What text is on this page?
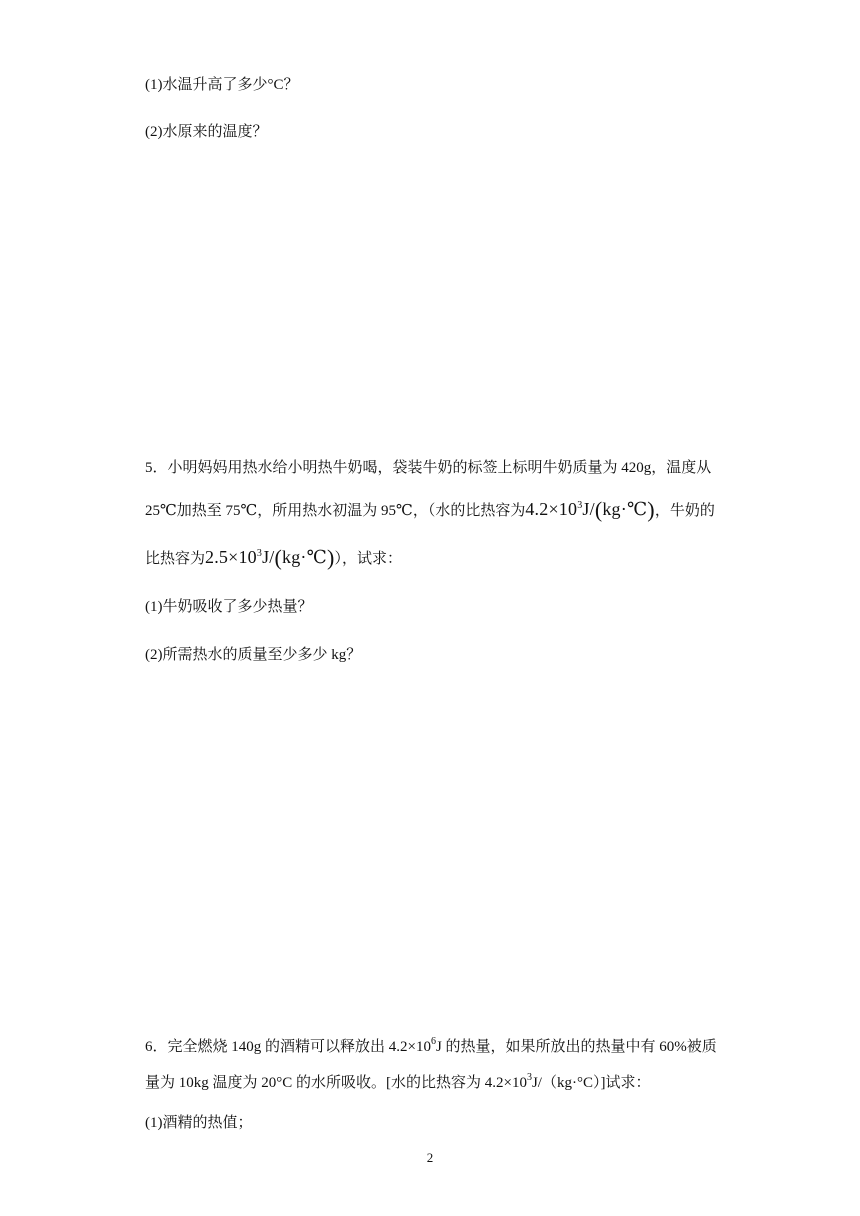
(1)水温升高了多少°C？
(2)水原来的温度？
5．小明妈妈用热水给小明热牛奶喝，袋装牛奶的标签上标明牛奶质量为 420g，温度从
25℃加热至 75℃，所用热水初温为 95℃，（水的比热容为$4.2\times 10^3J/(kg\cdot℃)$，牛奶的
比热容为$2.5\times 10^3J/(kg\cdot℃)$），试求：
(1)牛奶吸收了多少热量？
(2)所需热水的质量至少多少 kg？
6．完全燃烧 140g 的酒精可以释放出 $4.2\times 10^6J$ 的热量，如果所放出的热量中有 60%被质
量为 10kg 温度为 20°C 的水所吸收。[水的比热容为 $4.2\times 10^3J/(kg\cdot^\circ C)$]试求：
(1)酒精的热值；
2
